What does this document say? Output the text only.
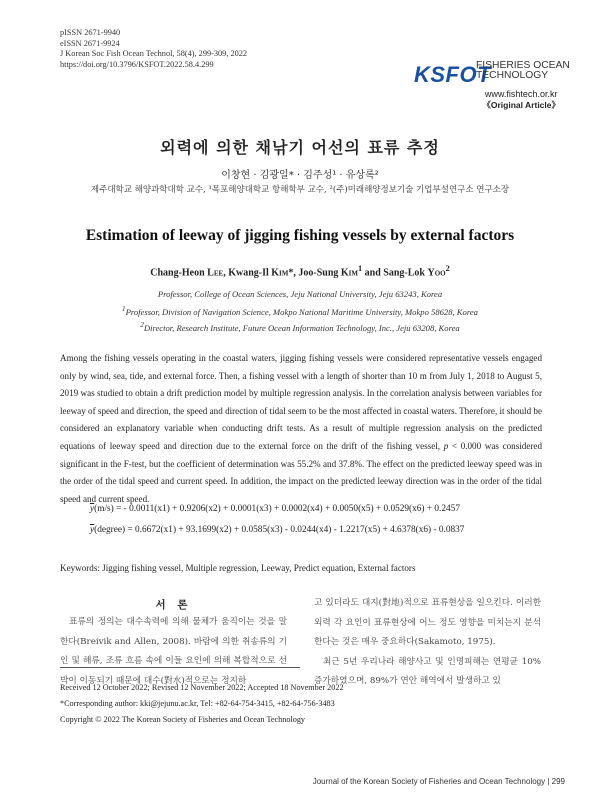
pISSN 2671-9940
eISSN 2671-9924
J Korean Soc Fish Ocean Technol, 58(4), 299-309, 2022
https://doi.org/10.3796/KSFOT.2022.58.4.299	KSFOT
FISHERIES OCEAN
TECHNOLOGY
www.fishtech.or.kr
《Original Article》
외력에 의한 채낚기 어선의 표류 추정
이창현 · 김광일* · 김주성¹ · 유상록²
제주대학교 해양과학대학 교수, ¹목포해양대학교 항해학부 교수, ²(주)미래해양정보기술 기업부설연구소 연구소장
Estimation of leeway of jigging fishing vessels by external factors
Chang-Heon Lee, Kwang-Il Kim*, Joo-Sung Kim$^1$ and Sang-Lok Yoo$^2$
Professor, College of Ocean Sciences, Jeju National University, Jeju 63243, Korea
$^1$Professor, Division of Navigation Science, Mokpo National Maritime University, Mokpo 58628, Korea
$^2$Director, Research Institute, Future Ocean Information Technology, Inc., Jeju 63208, Korea
Among the fishing vessels operating in the coastal waters, jigging fishing vessels were considered representative vessels engaged only by wind, sea, tide, and external force. Then, a fishing vessel with a length of shorter than 10 m from July 1, 2018 to August 5, 2019 was studied to obtain a drift prediction model by multiple regression analysis. In the correlation analysis between variables for leeway of speed and direction, the speed and direction of tidal seem to be the most affected in coastal waters. Therefore, it should be considered an explanatory variable when conducting drift tests. As a result of multiple regression analysis on the predicted equations of leeway speed and direction due to the external force on the drift of the fishing vessel, p < 0.000 was considered significant in the F-test, but the coefficient of determination was 55.2% and 37.8%. The effect on the predicted leeway speed was in the order of the tidal speed and current speed. In addition, the impact on the predicted leeway direction was in the order of the tidal speed and current speed.
$\overline{y}(m/s)$ = - 0.0011(x1) + 0.9206(x2) + 0.0001(x3) + 0.0002(x4) + 0.0050(x5) + 0.0529(x6) + 0.2457
$\overline{y}(degree) = 0.6672(x1) + 93.1699(x2) + 0.0585(x3) - 0.0244(x4) - 1.2217(x5) + 4.6378(x6) - 0.0837$
Keywords: Jigging fishing vessel, Multiple regression, Leeway, Predict equation, External factors
서 론
표류의 정의는 대수속력에 의해 물체가 움직이는 것을 말한다(Breivik and Allen, 2008). 바람에 의한 취송류의 기인 및 해류, 조류 흐름 속에 이들 요인에 의해 복합적으로 선박이 이동되기 때문에 대수(對水)적으로는 정지하
고 있더라도 대지(對地)적으로 표류현상을 일으킨다. 이러한 외력 각 요인이 표류현상에 어느 정도 영향을 미치는지 분석한다는 것은 매우 중요하다(Sakamoto, 1975).
최근 5년 우리나라 해양사고 및 인명피해는 연평균 10% 증가하였으며, 89%가 연안 해역에서 발생하고 있
Received 12 October 2022; Revised 12 November 2022; Accepted 18 November 2022
*Corresponding author: kki@jejunu.ac.kr, Tel: +82-64-754-3415, +82-64-756-3483
Copyright © 2022 The Korean Society of Fisheries and Ocean Technology
Journal of the Korean Society of Fisheries and Ocean Technology | 299
